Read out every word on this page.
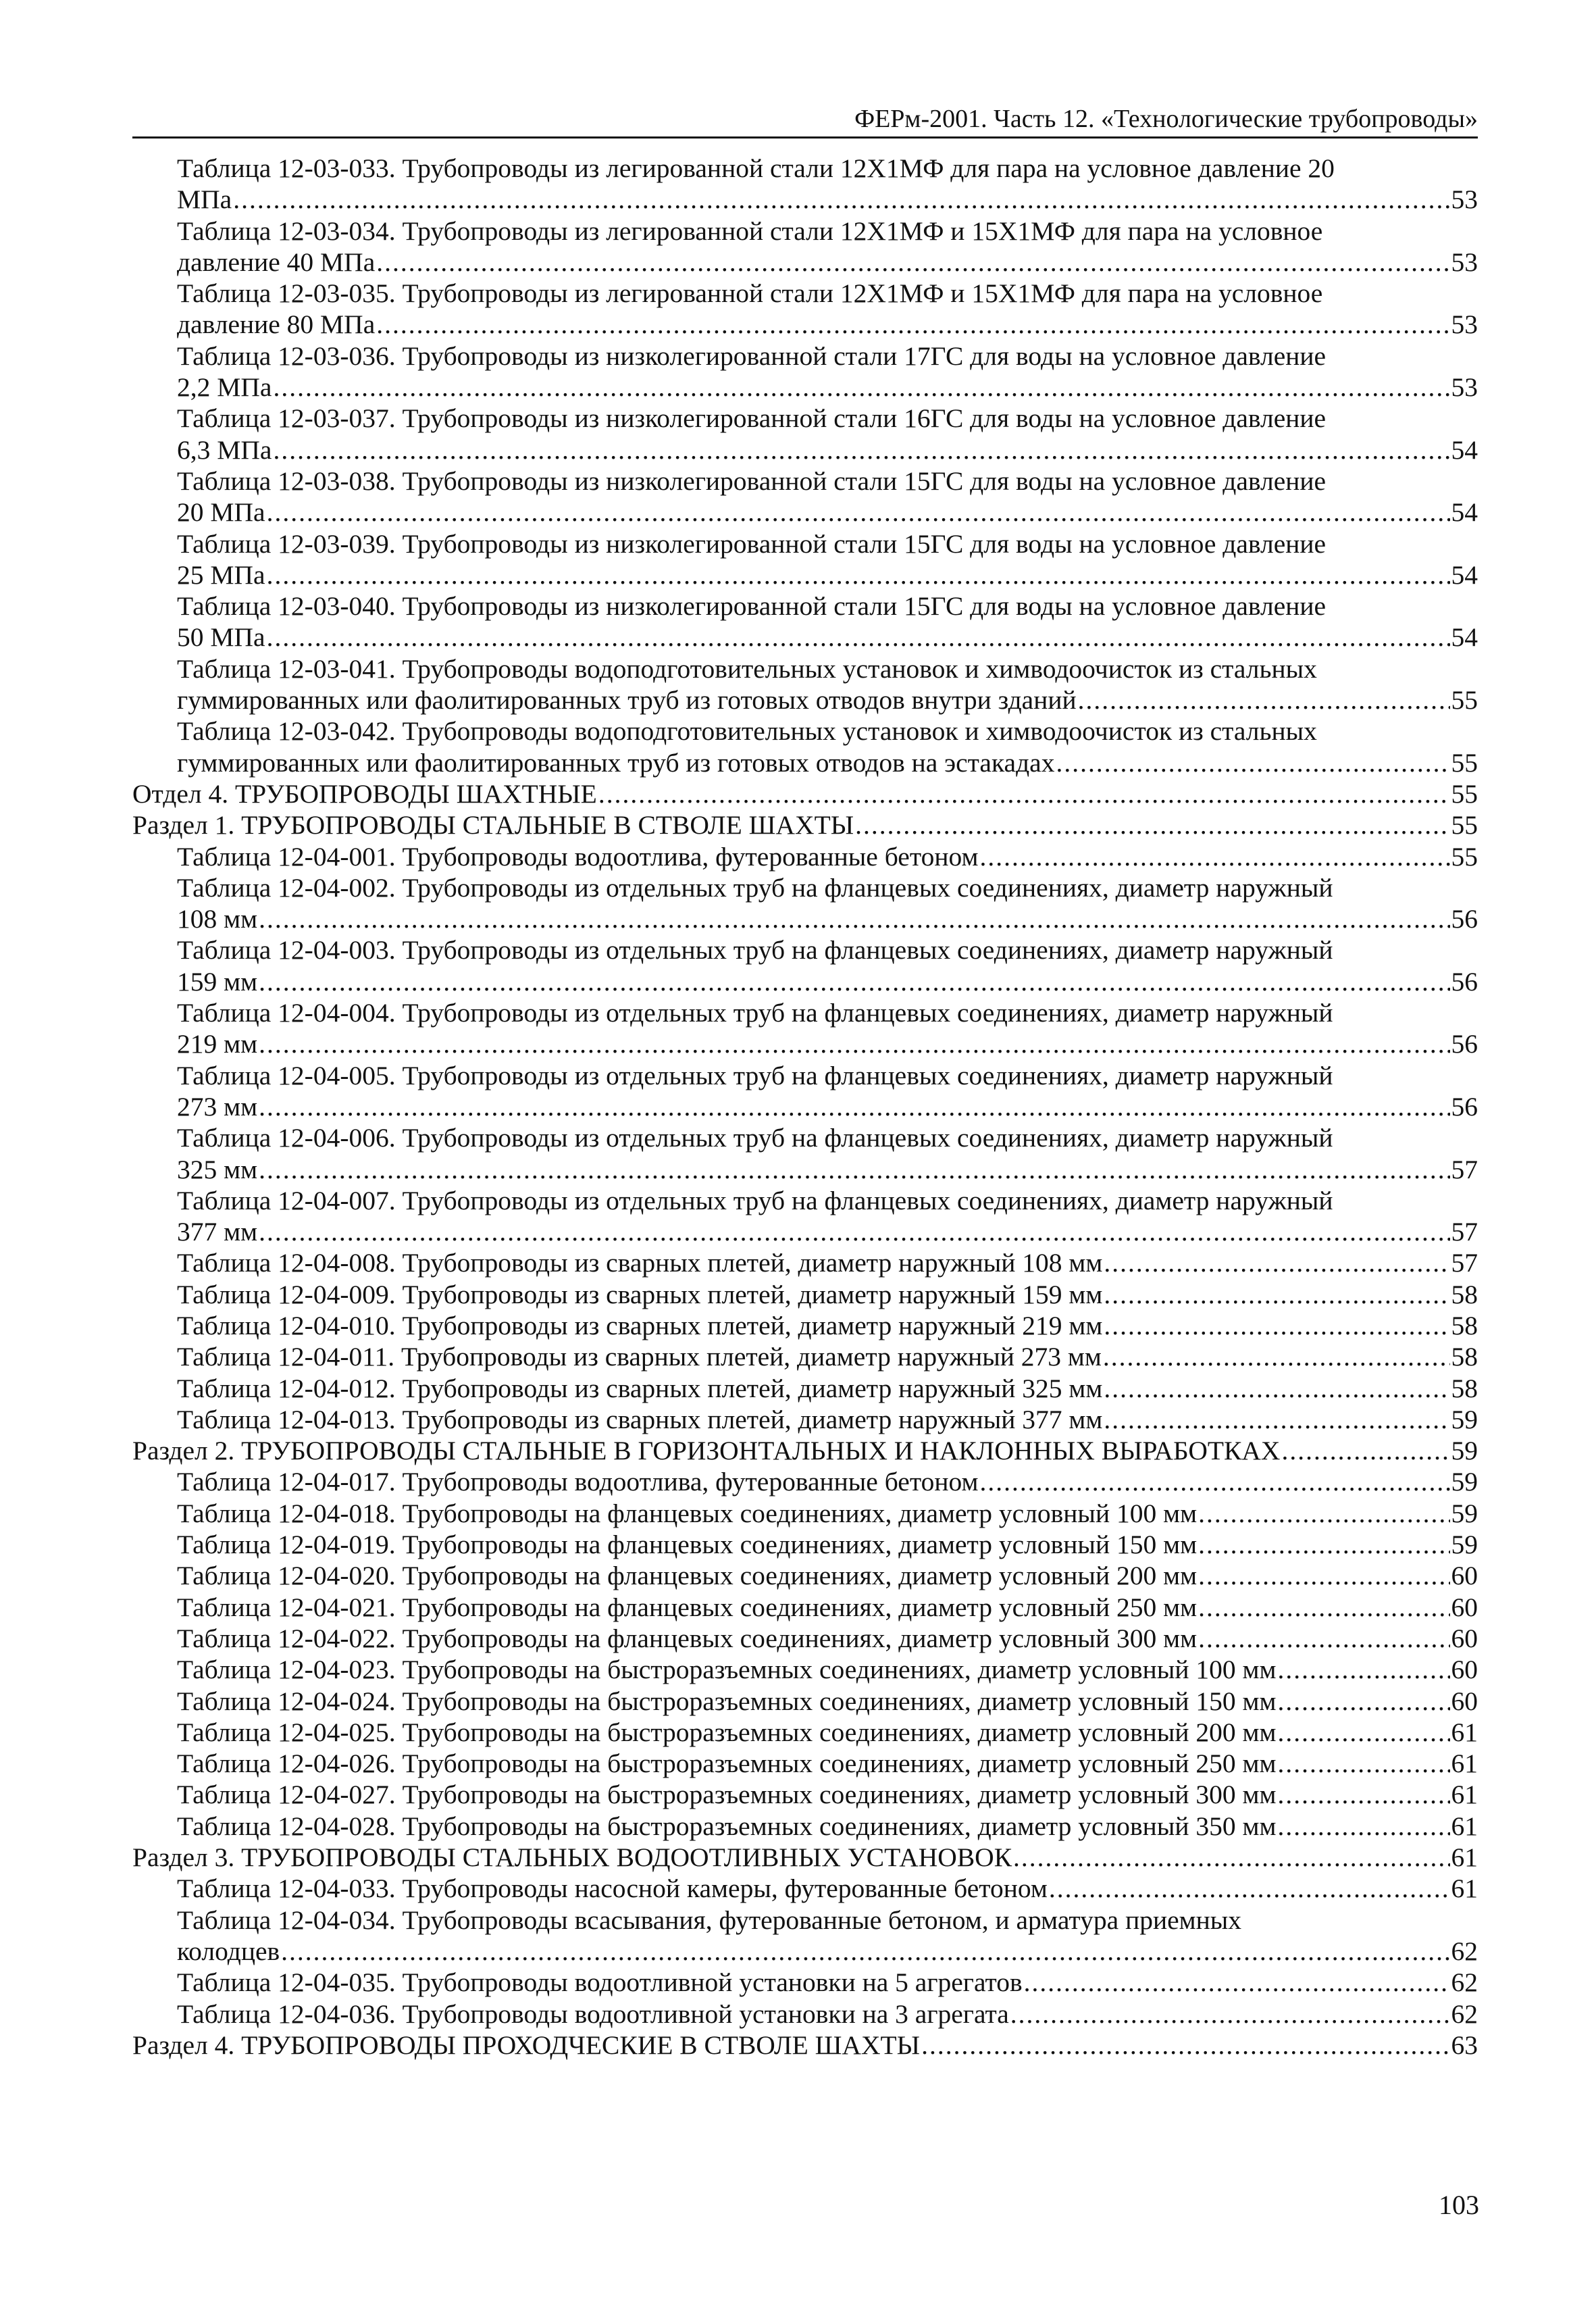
ФЕРм-2001. Часть 12. «Технологические трубопроводы»
Таблица 12-03-033. Трубопроводы из легированной стали 12Х1МФ для пара на условное давление 20
МПа .....	53
Таблица 12-03-034. Трубопроводы из легированной стали 12Х1МФ и 15Х1МФ для пара на условное
давление 40 МПа .....	53
Таблица 12-03-035. Трубопроводы из легированной стали 12Х1МФ и 15Х1МФ для пара на условное
давление 80 МПа .....	53
Таблица 12-03-036. Трубопроводы из низколегированной стали 17ГС для воды на условное давление
2,2 МПа .....	53
Таблица 12-03-037. Трубопроводы из низколегированной стали 16ГС для воды на условное давление
6,3 МПа .....	54
Таблица 12-03-038. Трубопроводы из низколегированной стали 15ГС для воды на условное давление
20 МПа .....	54
Таблица 12-03-039. Трубопроводы из низколегированной стали 15ГС для воды на условное давление
25 МПа .....	54
Таблица 12-03-040. Трубопроводы из низколегированной стали 15ГС для воды на условное давление
50 МПа .....	54
Таблица 12-03-041. Трубопроводы водоподготовительных установок и химводоочисток из стальных
гуммированных или фаолитированных труб из готовых отводов внутри зданий .....	55
Таблица 12-03-042. Трубопроводы водоподготовительных установок и химводоочисток из стальных
гуммированных или фаолитированных труб из готовых отводов на эстакадах .....	55
Отдел 4. ТРУБОПРОВОДЫ ШАХТНЫЕ .....	55
Раздел 1. ТРУБОПРОВОДЫ СТАЛЬНЫЕ В СТВОЛЕ ШАХТЫ .....	55
Таблица 12-04-001. Трубопроводы водоотлива, футерованные бетоном .....	55
Таблица 12-04-002. Трубопроводы из отдельных труб на фланцевых соединениях, диаметр наружный
108 мм .....	56
Таблица 12-04-003. Трубопроводы из отдельных труб на фланцевых соединениях, диаметр наружный
159 мм .....	56
Таблица 12-04-004. Трубопроводы из отдельных труб на фланцевых соединениях, диаметр наружный
219 мм .....	56
Таблица 12-04-005. Трубопроводы из отдельных труб на фланцевых соединениях, диаметр наружный
273 мм .....	56
Таблица 12-04-006. Трубопроводы из отдельных труб на фланцевых соединениях, диаметр наружный
325 мм .....	57
Таблица 12-04-007. Трубопроводы из отдельных труб на фланцевых соединениях, диаметр наружный
377 мм .....	57
Таблица 12-04-008. Трубопроводы из сварных плетей, диаметр наружный 108 мм .....	57
Таблица 12-04-009. Трубопроводы из сварных плетей, диаметр наружный 159 мм .....	58
Таблица 12-04-010. Трубопроводы из сварных плетей, диаметр наружный 219 мм .....	58
Таблица 12-04-011. Трубопроводы из сварных плетей, диаметр наружный 273 мм .....	58
Таблица 12-04-012. Трубопроводы из сварных плетей, диаметр наружный 325 мм .....	58
Таблица 12-04-013. Трубопроводы из сварных плетей, диаметр наружный 377 мм .....	59
Раздел 2. ТРУБОПРОВОДЫ СТАЛЬНЫЕ В ГОРИЗОНТАЛЬНЫХ И НАКЛОННЫХ ВЫРАБОТКАХ .....	59
Таблица 12-04-017. Трубопроводы водоотлива, футерованные бетоном .....	59
Таблица 12-04-018. Трубопроводы на фланцевых соединениях, диаметр условный 100 мм .....	59
Таблица 12-04-019. Трубопроводы на фланцевых соединениях, диаметр условный 150 мм .....	59
Таблица 12-04-020. Трубопроводы на фланцевых соединениях, диаметр условный 200 мм .....	60
Таблица 12-04-021. Трубопроводы на фланцевых соединениях, диаметр условный 250 мм .....	60
Таблица 12-04-022. Трубопроводы на фланцевых соединениях, диаметр условный 300 мм .....	60
Таблица 12-04-023. Трубопроводы на быстроразъемных соединениях, диаметр условный 100 мм .....	60
Таблица 12-04-024. Трубопроводы на быстроразъемных соединениях, диаметр условный 150 мм .....	60
Таблица 12-04-025. Трубопроводы на быстроразъемных соединениях, диаметр условный 200 мм .....	61
Таблица 12-04-026. Трубопроводы на быстроразъемных соединениях, диаметр условный 250 мм .....	61
Таблица 12-04-027. Трубопроводы на быстроразъемных соединениях, диаметр условный 300 мм .....	61
Таблица 12-04-028. Трубопроводы на быстроразъемных соединениях, диаметр условный 350 мм .....	61
Раздел 3. ТРУБОПРОВОДЫ СТАЛЬНЫХ ВОДООТЛИВНЫХ УСТАНОВОК .....	61
Таблица 12-04-033. Трубопроводы насосной камеры, футерованные бетоном .....	61
Таблица 12-04-034. Трубопроводы всасывания, футерованные бетоном, и арматура приемных
колодцев .....	62
Таблица 12-04-035. Трубопроводы водоотливной установки на 5 агрегатов .....	62
Таблица 12-04-036. Трубопроводы водоотливной установки на 3 агрегата .....	62
Раздел 4. ТРУБОПРОВОДЫ ПРОХОДЧЕСКИЕ В СТВОЛЕ ШАХТЫ .....	63
103
